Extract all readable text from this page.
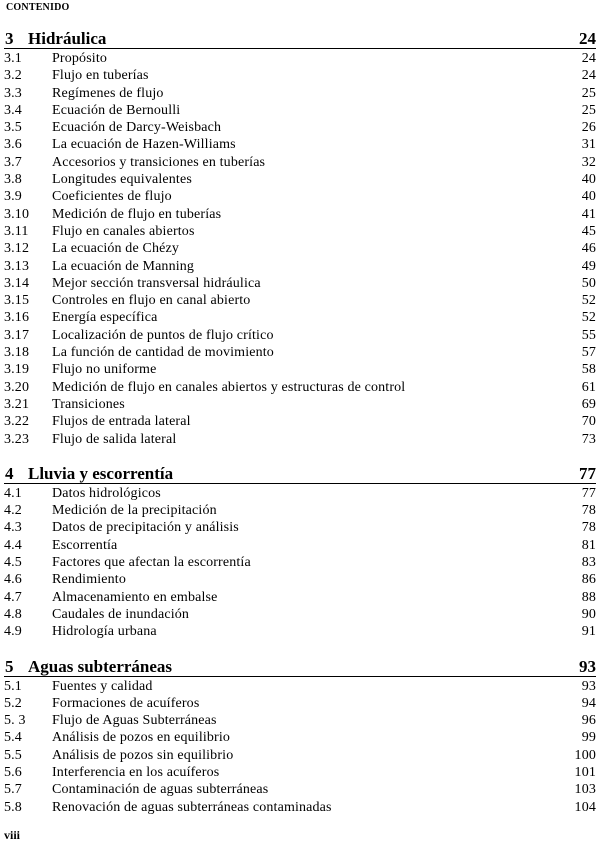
CONTENIDO
3 Hidráulica	24
3.1 Propósito	24
3.2 Flujo en tuberías	24
3.3 Regímenes de flujo	25
3.4 Ecuación de Bernoulli	25
3.5 Ecuación de Darcy-Weisbach	26
3.6 La ecuación de Hazen-Williams	31
3.7 Accesorios y transiciones en tuberías	32
3.8 Longitudes equivalentes	40
3.9 Coeficientes de flujo	40
3.10 Medición de flujo en tuberías	41
3.11 Flujo en canales abiertos	45
3.12 La ecuación de Chézy	46
3.13 La ecuación de Manning	49
3.14 Mejor sección transversal hidráulica	50
3.15 Controles en flujo en canal abierto	52
3.16 Energía específica	52
3.17 Localización de puntos de flujo crítico	55
3.18 La función de cantidad de movimiento	57
3.19 Flujo no uniforme	58
3.20 Medición de flujo en canales abiertos y estructuras de control	61
3.21 Transiciones	69
3.22 Flujos de entrada lateral	70
3.23 Flujo de salida lateral	73
4 Lluvia y escorrentía	77
4.1 Datos hidrológicos	77
4.2 Medición de la precipitación	78
4.3 Datos de precipitación y análisis	78
4.4 Escorrentía	81
4.5 Factores que afectan la escorrentía	83
4.6 Rendimiento	86
4.7 Almacenamiento en embalse	88
4.8 Caudales de inundación	90
4.9 Hidrología urbana	91
5 Aguas subterráneas	93
5.1 Fuentes y calidad	93
5.2 Formaciones de acuíferos	94
5. 3 Flujo de Aguas Subterráneas	96
5.4 Análisis de pozos en equilibrio	99
5.5 Análisis de pozos sin equilibrio	100
5.6 Interferencia en los acuíferos	101
5.7 Contaminación de aguas subterráneas	103
5.8 Renovación de aguas subterráneas contaminadas	104
viii
